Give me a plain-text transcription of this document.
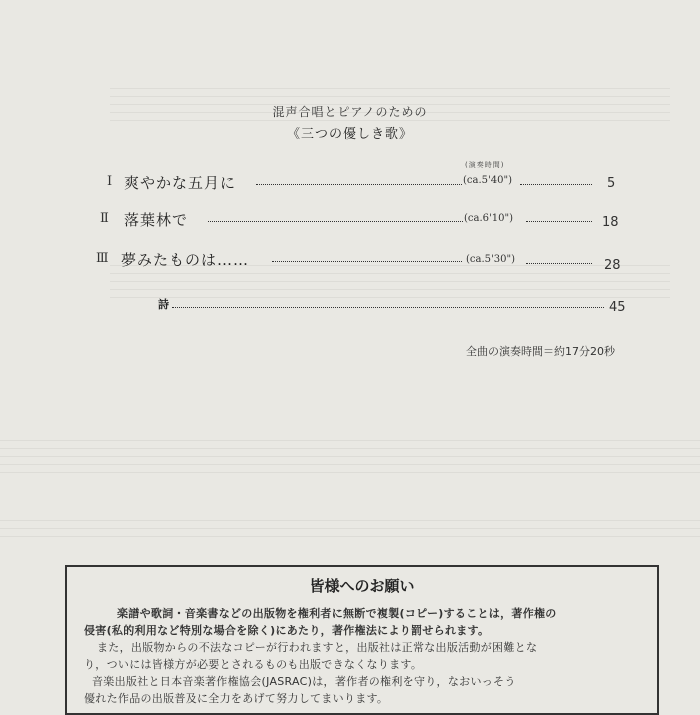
混声合唱とピアノのための
《三つの優しき歌》
(演奏時間)
Ⅰ 爽やかな五月に	(ca.5'40")	5
Ⅱ 落葉林で	(ca.6'10")	18
Ⅲ 夢みたものは……	(ca.5'30")	28
詩	45
全曲の演奏時間＝約17分20秒
皆様へのお願い

楽譜や歌詞・音楽書などの出版物を権利者に無断で複製(コピー)することは，著作権の

侵害(私的利用など特別な場合を除く)にあたり，著作権法により罰せられます。

また，出版物からの不法なコピーが行われますと，出版社は正常な出版活動が困難とな

り，ついには皆様方が必要とされるものも出版できなくなります。

音楽出版社と日本音楽著作権協会(JASRAC)は，著作者の権利を守り，なおいっそう

優れた作品の出版普及に全力をあげて努力してまいります。
